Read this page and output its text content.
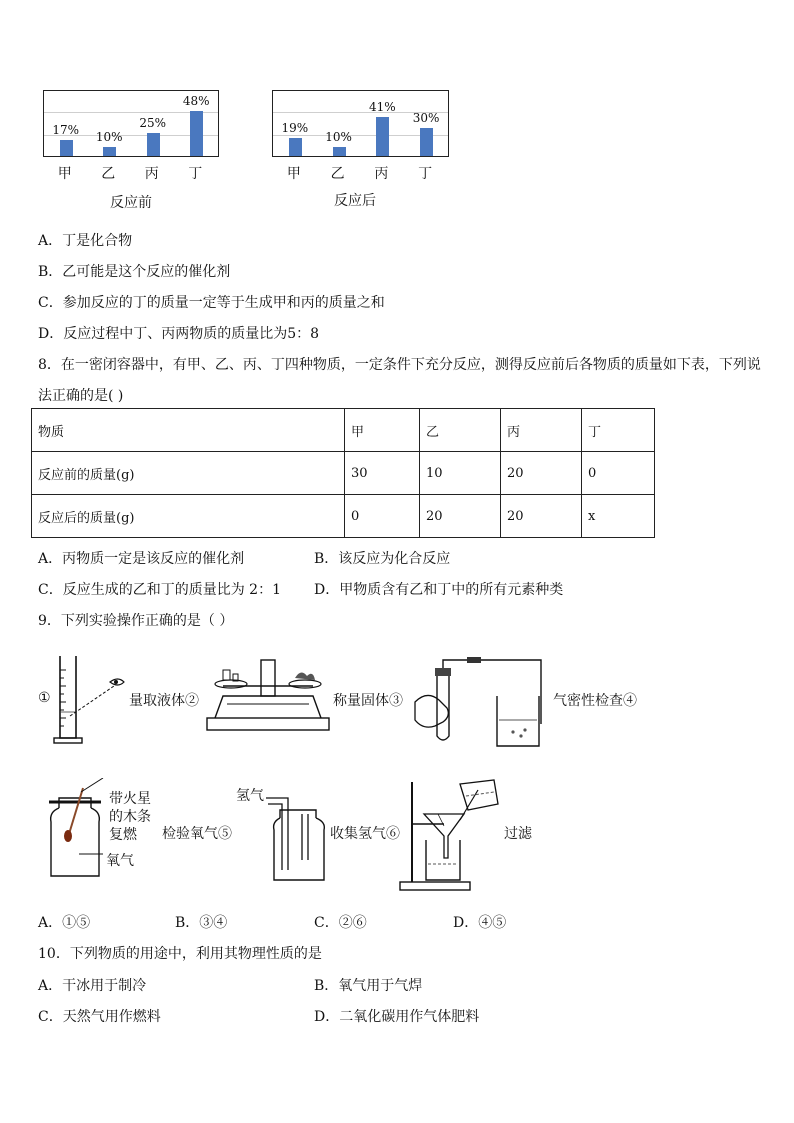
17%	10%
25%
48%
反应前
19%
10%
41%
30%
反应后
A．丁是化合物
B．乙可能是这个反应的催化剂
C．参加反应的丁的质量一定等于生成甲和丙的质量之和
D．反应过程中丁、丙两物质的质量比为5：8
8．在一密闭容器中，有甲、乙、丙、丁四种物质，一定条件下充分反应，测得反应前后各物质的质量如下表，下列说
法正确的是( )
物质	甲	乙	丙	丁
反应前的质量(g)	30	10	20	0
反应后的质量(g)	0	20	20	x
A．丙物质一定是该反应的催化剂	B．该反应为化合反应
C．反应生成的乙和丁的质量比为 2：1 D．甲物质含有乙和丁中的所有元素种类
9．下列实验操作正确的是（ ）
①	量取液体②	称量固体③	气密性检查④
带火星
的木条
复燃
氧气
检验氧气⑤
氢气
收集氢气⑥	过滤
A．①⑤	B．③④	C．②⑥	D．④⑤
10．下列物质的用途中，利用其物理性质的是
A．干冰用于制冷	B．氧气用于气焊
C．天然气用作燃料	D．二氧化碳用作气体肥料
甲	乙	丙	丁	甲	乙	丙	丁
